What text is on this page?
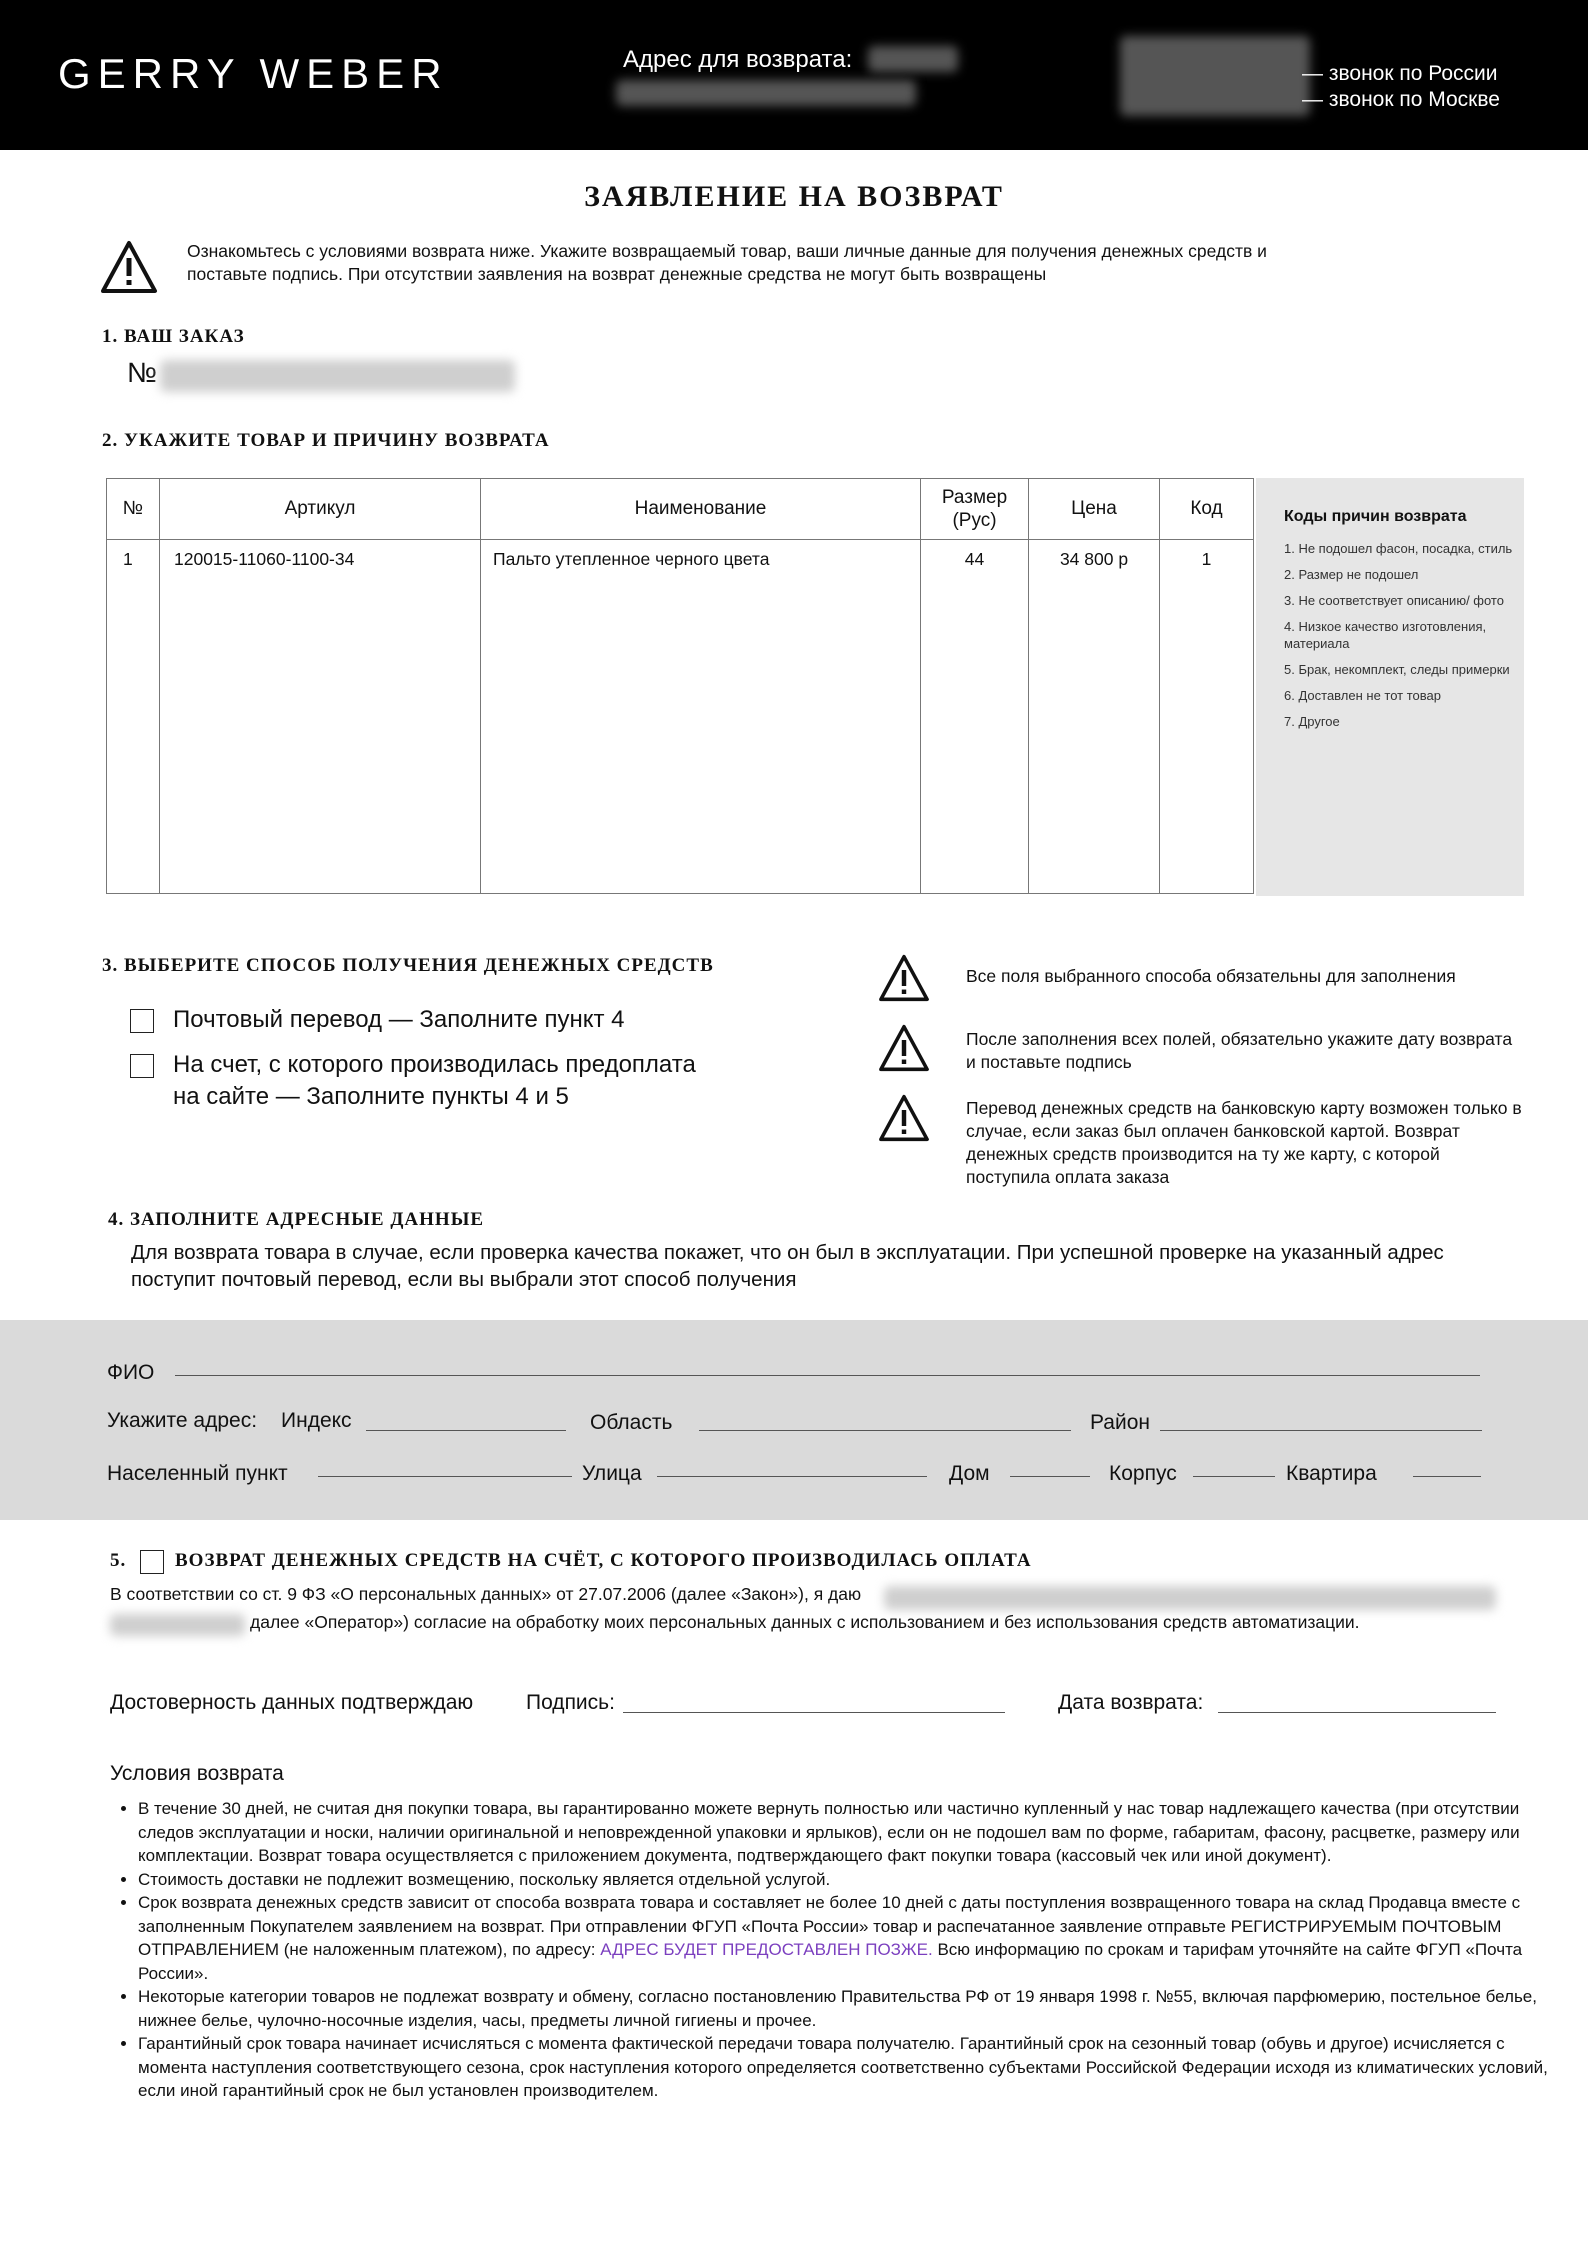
GERRY WEBER	Адрес для возврата:
— звонок по России
— звонок по Москве
ЗАЯВЛЕНИЕ НА ВОЗВРАТ
Ознакомьтесь с условиями возврата ниже. Укажите возвращаемый товар, ваши личные данные для получения денежных средств и поставьте подпись. При отсутствии заявления на возврат денежные средства не могут быть возвращены
1. ВАШ ЗАКАЗ
№
2. УКАЖИТЕ ТОВАР И ПРИЧИНУ ВОЗВРАТА
№	Артикул	Наименование	Размер (Рус)	Цена	Код
1	120015-11060-1100-34	Пальто утепленное черного цвета	44	34 800 р	1
Коды причин возврата
1. Не подошел фасон, посадка, стиль
2. Размер не подошел
3. Не соответствует описанию/ фото
4. Низкое качество изготовления, материала
5. Брак, некомплект, следы примерки
6. Доставлен не тот товар
7. Другое
3. ВЫБЕРИТЕ СПОСОБ ПОЛУЧЕНИЯ ДЕНЕЖНЫХ СРЕДСТВ
Почтовый перевод — Заполните пункт 4
На счет, с которого производилась предоплата
на сайте — Заполните пункты 4 и 5
Все поля выбранного способа обязательны для заполнения
После заполнения всех полей, обязательно укажите дату возврата и поставьте подпись
Перевод денежных средств на банковскую карту возможен только в случае, если заказ был оплачен банковской картой. Возврат денежных средств производится на ту же карту, с которой поступила оплата заказа
4. ЗАПОЛНИТЕ АДРЕСНЫЕ ДАННЫЕ
Для возврата товара в случае, если проверка качества покажет, что он был в эксплуатации. При успешной проверке на указанный адрес поступит почтовый перевод, если вы выбрали этот способ получения
ФИО
Укажите адрес: Индекс	Область	Район
Населенный пункт	Улица	Дом	Корпус	Квартира
5.	ВОЗВРАТ ДЕНЕЖНЫХ СРЕДСТВ НА СЧЁТ, С КОТОРОГО ПРОИЗВОДИЛАСЬ ОПЛАТА
В соответствии со ст. 9 ФЗ «О персональных данных» от 27.07.2006 (далее «Закон»), я даю
далее «Оператор») согласие на обработку моих персональных данных с использованием и без использования средств автоматизации.
Достоверность данных подтверждаю	Подпись:	Дата возврата:
Условия возврата
• В течение 30 дней, не считая дня покупки товара, вы гарантированно можете вернуть полностью или частично купленный у нас товар надлежащего качества (при отсутствии следов эксплуатации и носки, наличии оригинальной и неповрежденной упаковки и ярлыков), если он не подошел вам по форме, габаритам, фасону, расцветке, размеру или комплектации. Возврат товара осуществляется с приложением документа, подтверждающего факт покупки товара (кассовый чек или иной документ).
• Стоимость доставки не подлежит возмещению, поскольку является отдельной услугой.
• Срок возврата денежных средств зависит от способа возврата товара и составляет не более 10 дней с даты поступления возвращенного товара на склад Продавца вместе с заполненным Покупателем заявлением на возврат. При отправлении ФГУП «Почта России» товар и распечатанное заявление отправьте РЕГИСТРИРУЕМЫМ ПОЧТОВЫМ ОТПРАВЛЕНИЕМ (не наложенным платежом), по адресу: АДРЕС БУДЕТ ПРЕДОСТАВЛЕН ПОЗЖЕ. Всю информацию по срокам и тарифам уточняйте на сайте ФГУП «Почта России».
• Некоторые категории товаров не подлежат возврату и обмену, согласно постановлению Правительства РФ от 19 января 1998 г. №55, включая парфюмерию, постельное белье, нижнее белье, чулочно-носочные изделия, часы, предметы личной гигиены и прочее.
• Гарантийный срок товара начинает исчисляться с момента фактической передачи товара получателю. Гарантийный срок на сезонный товар (обувь и другое) исчисляется с момента наступления соответствующего сезона, срок наступления которого определяется соответственно субъектами Российской Федерации исходя из климатических условий, если иной гарантийный срок не был установлен производителем.
